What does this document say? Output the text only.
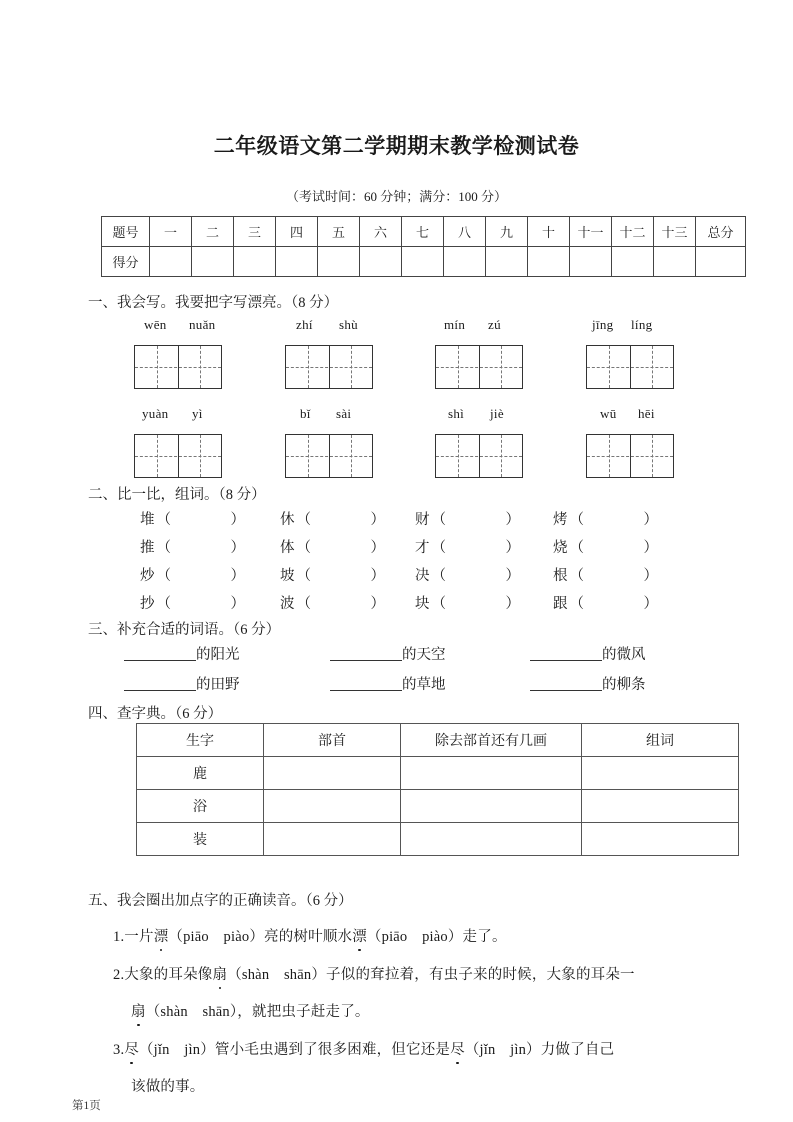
二年级语文第二学期期末教学检测试卷
（考试时间：60 分钟；满分：100 分）
题号	一	二	三	四	五	六	七	八	九	十	十一	十二	十三	总分
得分														
一、我会写。我要把字写漂亮。（8 分）
wēn nuǎn	zhí shù	mín zú	jīng líng
yuàn yì	bǐ sài	shì jiè	wū hēi
二、比一比，组词。（8 分）
堆 （	） 休 （	） 财 （	） 烤 （	）
推 （	） 体 （	） 才 （	） 烧 （	）
炒 （	） 坡 （	） 决 （	） 根 （	）
抄 （	） 波 （	） 块 （	） 跟 （	）
三、补充合适的词语。（6 分）
的阳光	的天空	的微风
的田野	的草地	的柳条
四、查字典。（6 分）
生字	部首	除去部首还有几画	组词
鹿			
浴			
装			
五、我会圈出加点字的正确读音。（6 分）
1.一片漂（piāo　piào）亮的树叶顺水漂（piāo　piào）走了。
2.大象的耳朵像扇（shàn　shān）子似的耷拉着，有虫子来的时候，大象的耳朵一
扇（shàn　shān），就把虫子赶走了。
3.尽（jǐn　jìn）管小毛虫遇到了很多困难，但它还是尽（jǐn　jìn）力做了自己
该做的事。
第1页
